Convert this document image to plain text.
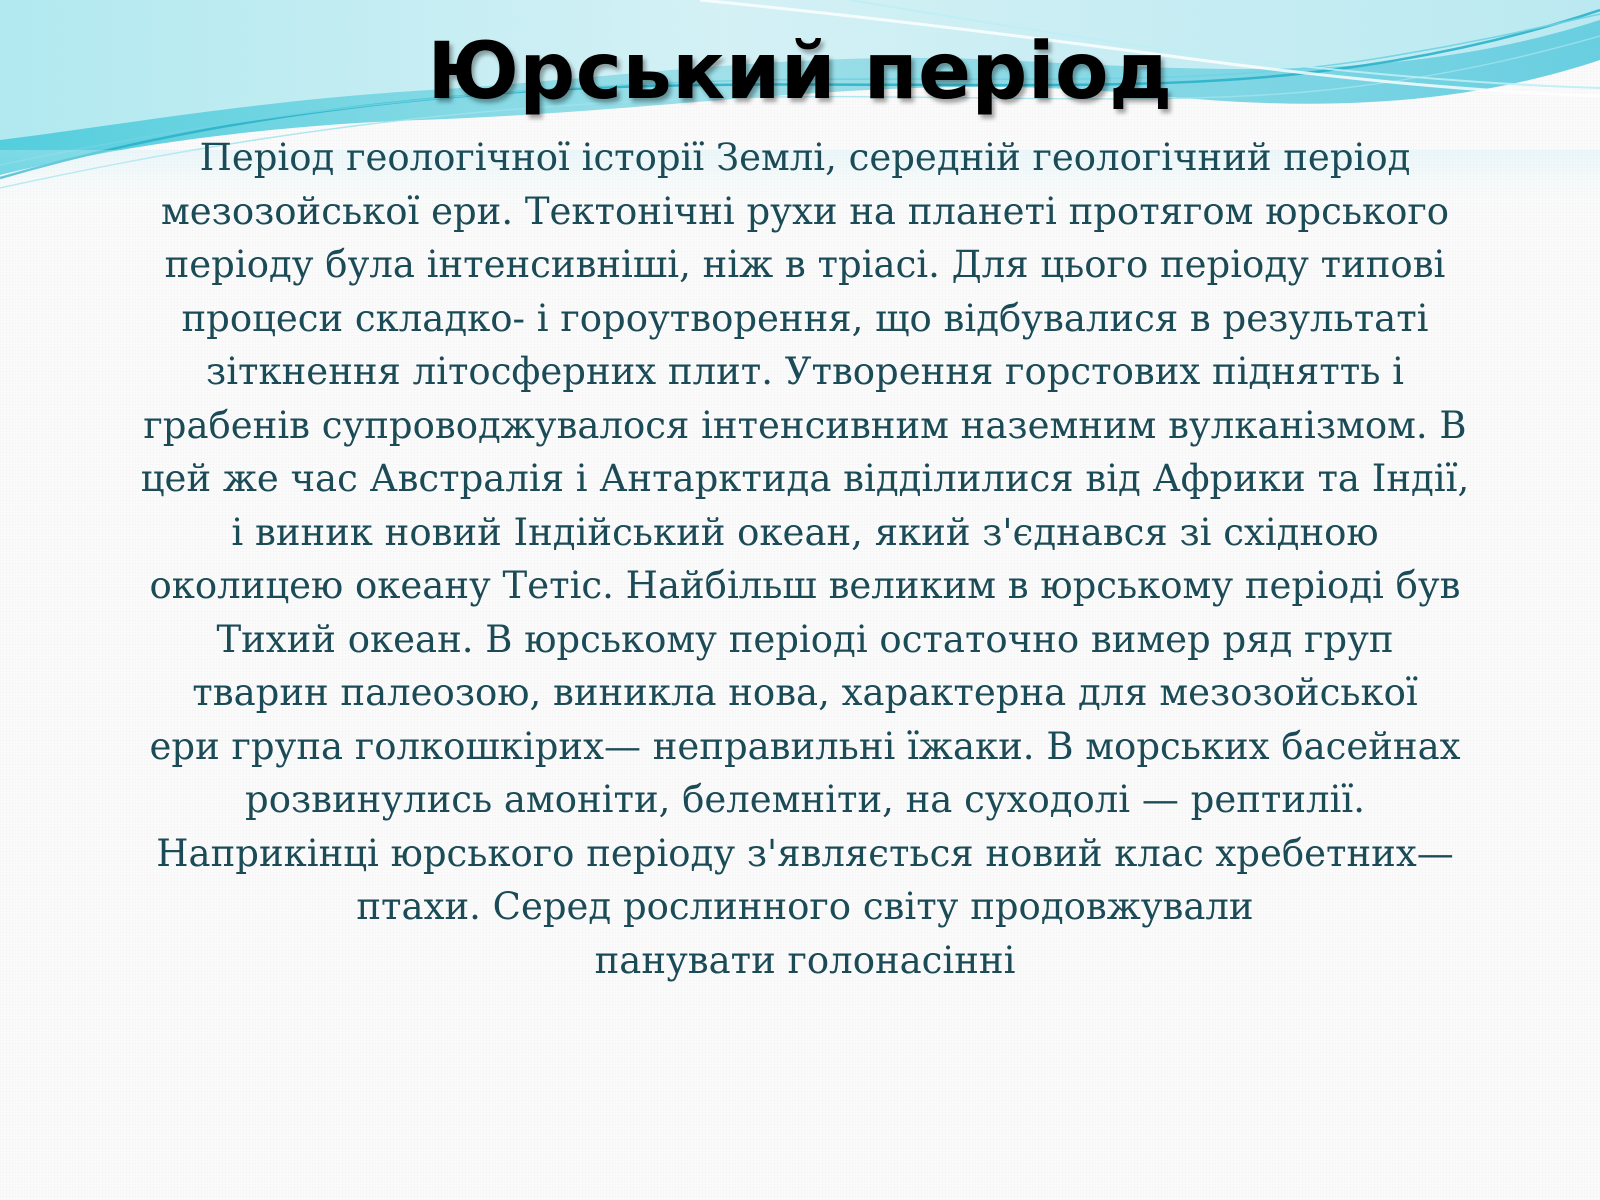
Юрський період

Період геологічної історії Землі, середній геологічний період
мезозойської ери. Тектонічні рухи на планеті протягом юрського
періоду була інтенсивніші, ніж в тріасі. Для цього періоду типові
процеси складко- і гороутворення, що відбувалися в результаті
зіткнення літосферних плит. Утворення горстових піднятть і
грабенів супроводжувалося інтенсивним наземним вулканізмом. В
цей же час Австралія і Антарктида відділилися від Африки та Індії,
і виник новий Індійський океан, який з'єднався зі східною
околицею океану Тетіс. Найбільш великим в юрському періоді був
Тихий океан. В юрському періоді остаточно вимер ряд груп
тварин палеозою, виникла нова, характерна для мезозойської
ери група голкошкірих— неправильні їжаки. В морських басейнах
розвинулись амоніти, белемніти, на суходолі — рептилії.
Наприкінці юрського періоду з'являється новий клас хребетних—
птахи. Серед рослинного світу продовжували
панувати голонасінні
